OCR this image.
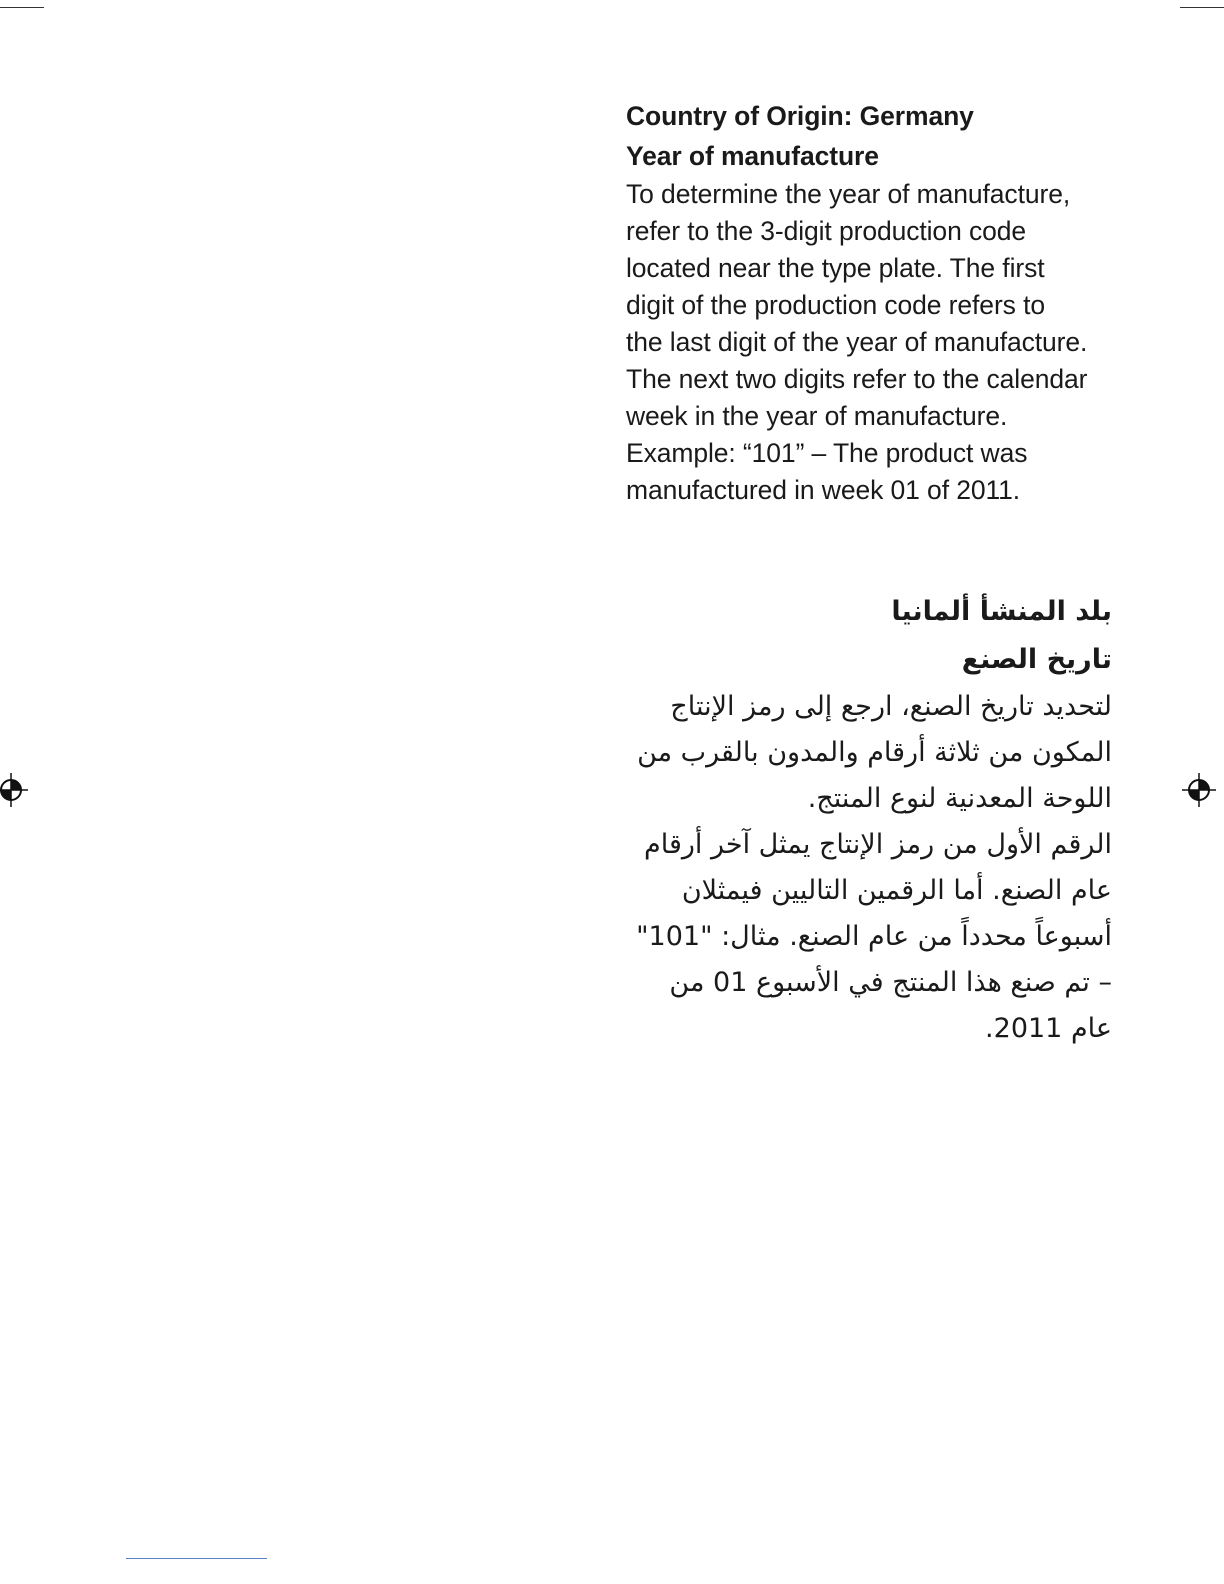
Country of Origin: Germany

Year of manufacture

To determine the year of manufacture,

refer to the 3-digit production code

located near the type plate. The first

digit of the production code refers to

the last digit of the year of manufacture.

The next two digits refer to the calendar

week in the year of manufacture.

Example: “101” – The product was

manufactured in week 01 of 2011.

بلد المنشأ ألمانيا

تاريخ الصنع

لتحديد تاريخ الصنع، ارجع إلى رمز الإنتاج

المكون من ثلاثة أرقام والمدون بالقرب من

اللوحة المعدنية لنوع المنتج.

الرقم الأول من رمز الإنتاج يمثل آخر أرقام

عام الصنع. أما الرقمين التاليين فيمثلان

أسبوعاً محدداً من عام الصنع. مثال: "101"

– تم صنع هذا المنتج في الأسبوع 01 من

عام 2011.
